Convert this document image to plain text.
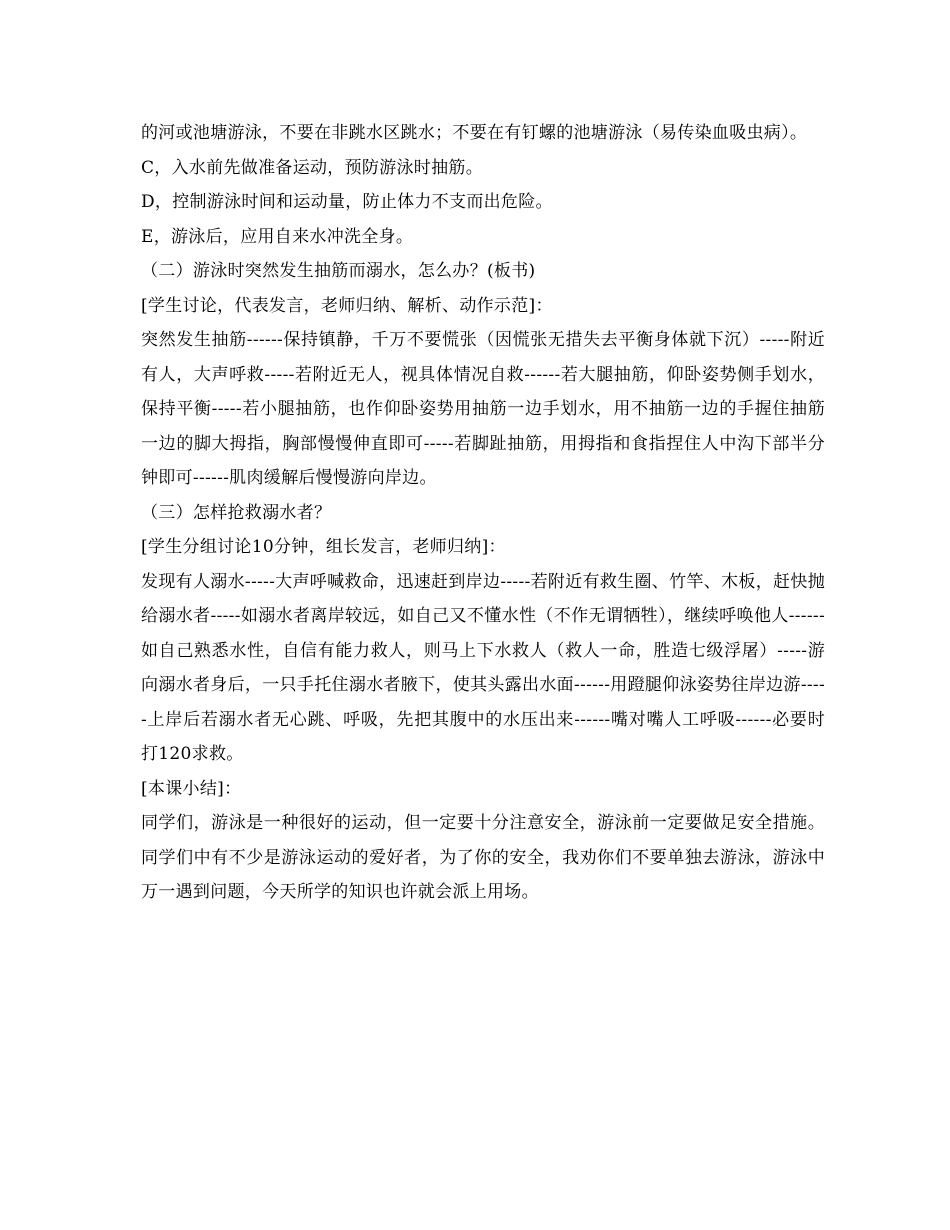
的河或池塘游泳，不要在非跳水区跳水；不要在有钉螺的池塘游泳（易传染血吸虫病）。

C，入水前先做准备运动，预防游泳时抽筋。

D，控制游泳时间和运动量，防止体力不支而出危险。

E，游泳后，应用自来水冲洗全身。

（二）游泳时突然发生抽筋而溺水，怎么办？(板书)

[学生讨论，代表发言，老师归纳、解析、动作示范]：

突然发生抽筋------保持镇静，千万不要慌张（因慌张无措失去平衡身体就下沉）-----附近有人，大声呼救-----若附近无人，视具体情况自救------若大腿抽筋，仰卧姿势侧手划水，保持平衡-----若小腿抽筋，也作仰卧姿势用抽筋一边手划水，用不抽筋一边的手握住抽筋一边的脚大拇指，胸部慢慢伸直即可-----若脚趾抽筋，用拇指和食指捏住人中沟下部半分钟即可------肌肉缓解后慢慢游向岸边。

（三）怎样抢救溺水者？

[学生分组讨论10分钟，组长发言，老师归纳]：

发现有人溺水-----大声呼喊救命，迅速赶到岸边-----若附近有救生圈、竹竿、木板，赶快抛给溺水者-----如溺水者离岸较远，如自己又不懂水性（不作无谓牺牲），继续呼唤他人------如自己熟悉水性，自信有能力救人，则马上下水救人（救人一命，胜造七级浮屠）-----游向溺水者身后，一只手托住溺水者腋下，使其头露出水面------用蹬腿仰泳姿势往岸边游-----上岸后若溺水者无心跳、呼吸，先把其腹中的水压出来------嘴对嘴人工呼吸------必要时打120求救。

[本课小结]：

同学们，游泳是一种很好的运动，但一定要十分注意安全，游泳前一定要做足安全措施。同学们中有不少是游泳运动的爱好者，为了你的安全，我劝你们不要单独去游泳，游泳中万一遇到问题，今天所学的知识也许就会派上用场。
